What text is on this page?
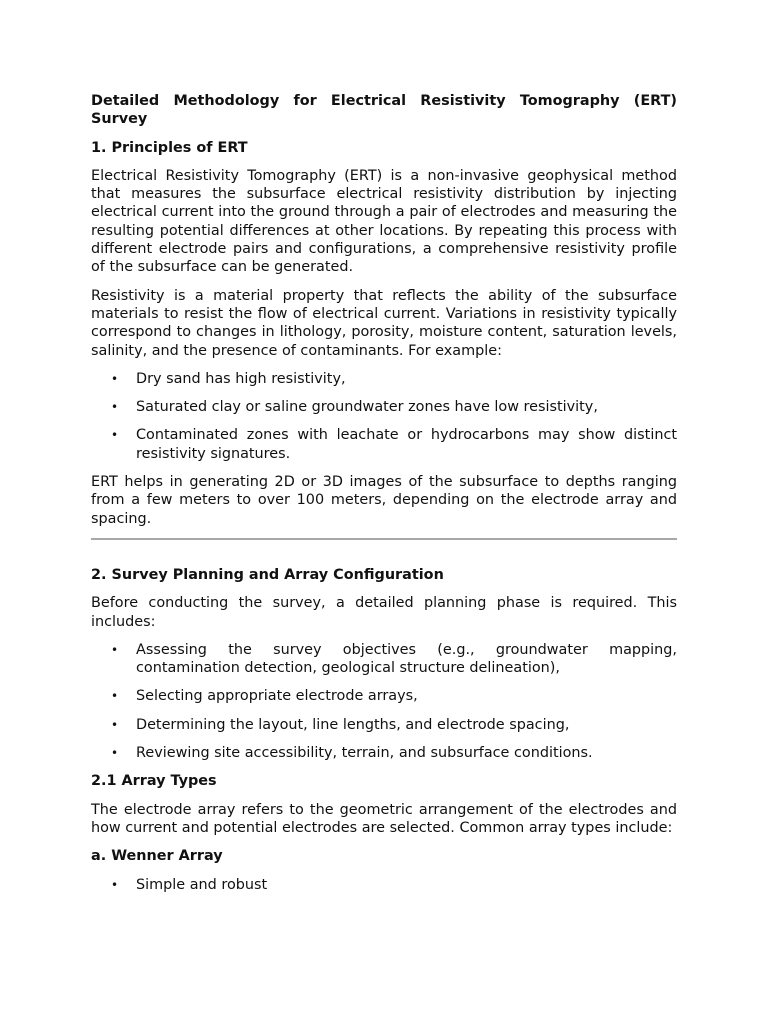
Detailed Methodology for Electrical Resistivity Tomography (ERT) Survey
1. Principles of ERT

Electrical Resistivity Tomography (ERT) is a non-invasive geophysical method that measures the subsurface electrical resistivity distribution by injecting electrical current into the ground through a pair of electrodes and measuring the resulting potential differences at other locations. By repeating this process with different electrode pairs and configurations, a comprehensive resistivity profile of the subsurface can be generated.

Resistivity is a material property that reflects the ability of the subsurface materials to resist the flow of electrical current. Variations in resistivity typically correspond to changes in lithology, porosity, moisture content, saturation levels, salinity, and the presence of contaminants. For example:

• Dry sand has high resistivity,
• Saturated clay or saline groundwater zones have low resistivity,
• Contaminated zones with leachate or hydrocarbons may show distinct resistivity signatures.

ERT helps in generating 2D or 3D images of the subsurface to depths ranging from a few meters to over 100 meters, depending on the electrode array and spacing.

2. Survey Planning and Array Configuration

Before conducting the survey, a detailed planning phase is required. This includes:

• Assessing the survey objectives (e.g., groundwater mapping, contamination detection, geological structure delineation),
• Selecting appropriate electrode arrays,
• Determining the layout, line lengths, and electrode spacing,
• Reviewing site accessibility, terrain, and subsurface conditions.
2.1 Array Types

The electrode array refers to the geometric arrangement of the electrodes and how current and potential electrodes are selected. Common array types include:

a. Wenner Array
• Simple and robust
